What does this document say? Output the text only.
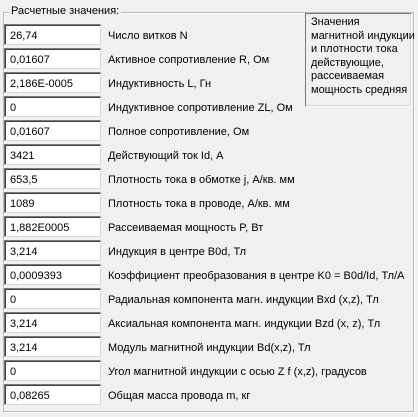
Расчетные значения:
Значения
магнитной индукции
и плотности тока
действующие,
рассеиваемая
мощность средняя
26,74
Число витков N
0,01607
Активное сопротивление R, Ом
2,186E-0005
Индуктивность L, Гн
0
Индуктивное сопротивление ZL, Ом
0,01607
Полное сопротивление, Ом
3421
Действующий ток Id, А
653,5
Плотность тока в обмотке j, А/кв. мм
1089
Плотность тока в проводе, А/кв. мм
1,882E0005
Рассеиваемая мощность P, Вт
3,214
Индукция в центре B0d, Тл
0,0009393
Коэффициент преобразования в центре K0 = B0d/Id, Тл/А
0
Радиальная компонента магн. индукции Bxd (x,z), Тл
3,214
Аксиальная компонента магн. индукции Bzd (x, z), Тл
3,214
Модуль магнитной индукции Bd(x,z), Тл
0
Угол магнитной индукции с осью Z f (x,z), градусов
0,08265
Общая масса провода m, кг
